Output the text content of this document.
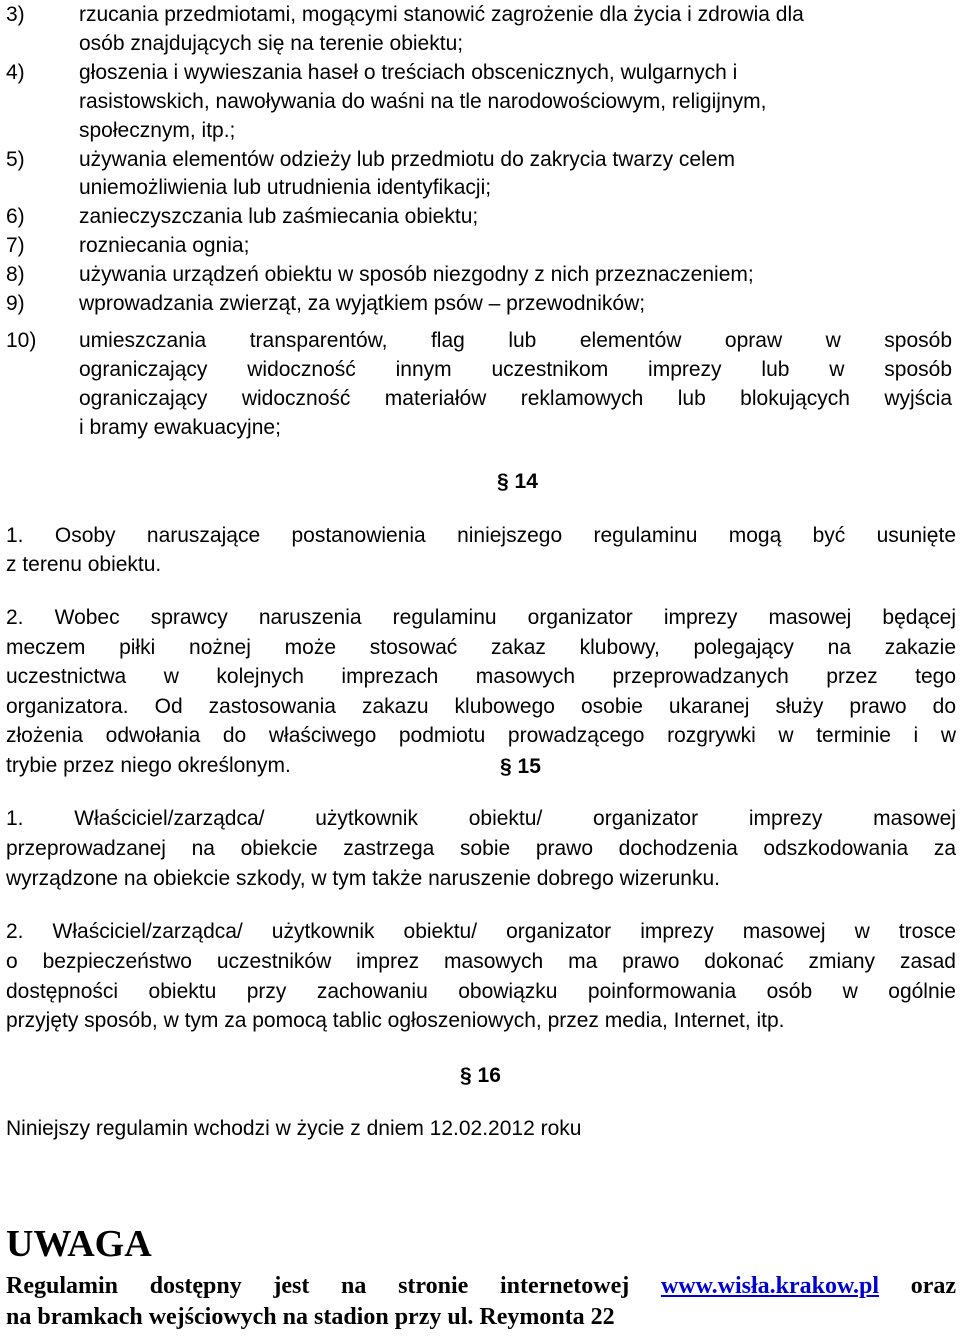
3)	rzucania przedmiotami, mogącymi stanowić zagrożenie dla życia i zdrowia dla
osób znajdujących się na terenie obiektu;
4)	głoszenia i wywieszania haseł o treściach obscenicznych, wulgarnych i
rasistowskich, nawoływania do waśni na tle narodowościowym, religijnym,
społecznym, itp.;
5)	używania elementów odzieży lub przedmiotu do zakrycia twarzy celem
uniemożliwienia lub utrudnienia identyfikacji;
6)	zanieczyszczania lub zaśmiecania obiektu;
7)	rozniecania ognia;
8)	używania urządzeń obiektu w sposób niezgodny z nich przeznaczeniem;
9)	wprowadzania zwierząt, za wyjątkiem psów – przewodników;
10) umieszczania transparentów, flag lub elementów opraw w sposób
ograniczający widoczność innym uczestnikom imprezy lub w sposób
ograniczający widoczność materiałów reklamowych lub blokujących wyjścia
i bramy ewakuacyjne;
§ 14
1. Osoby naruszające postanowienia niniejszego regulaminu mogą być usunięte
z terenu obiektu.
2. Wobec sprawcy naruszenia regulaminu organizator imprezy masowej będącej
meczem piłki nożnej może stosować zakaz klubowy, polegający na zakazie
uczestnictwa w kolejnych imprezach masowych przeprowadzanych przez tego
organizatora. Od zastosowania zakazu klubowego osobie ukaranej służy prawo do
złożenia odwołania do właściwego podmiotu prowadzącego rozgrywki w terminie i w
trybie przez niego określonym.	§ 15
1. Właściciel/zarządca/ użytkownik obiektu/ organizator imprezy masowej
przeprowadzanej na obiekcie zastrzega sobie prawo dochodzenia odszkodowania za
wyrządzone na obiekcie szkody, w tym także naruszenie dobrego wizerunku.
2. Właściciel/zarządca/ użytkownik obiektu/ organizator imprezy masowej w trosce
o bezpieczeństwo uczestników imprez masowych ma prawo dokonać zmiany zasad
dostępności obiektu przy zachowaniu obowiązku poinformowania osób w ogólnie
przyjęty sposób, w tym za pomocą tablic ogłoszeniowych, przez media, Internet, itp.
§ 16
Niniejszy regulamin wchodzi w życie z dniem 12.02.2012 roku
UWAGA
Regulamin dostępny jest na stronie internetowej www.wisła.krakow.pl oraz
na bramkach wejściowych na stadion przy ul. Reymonta 22
